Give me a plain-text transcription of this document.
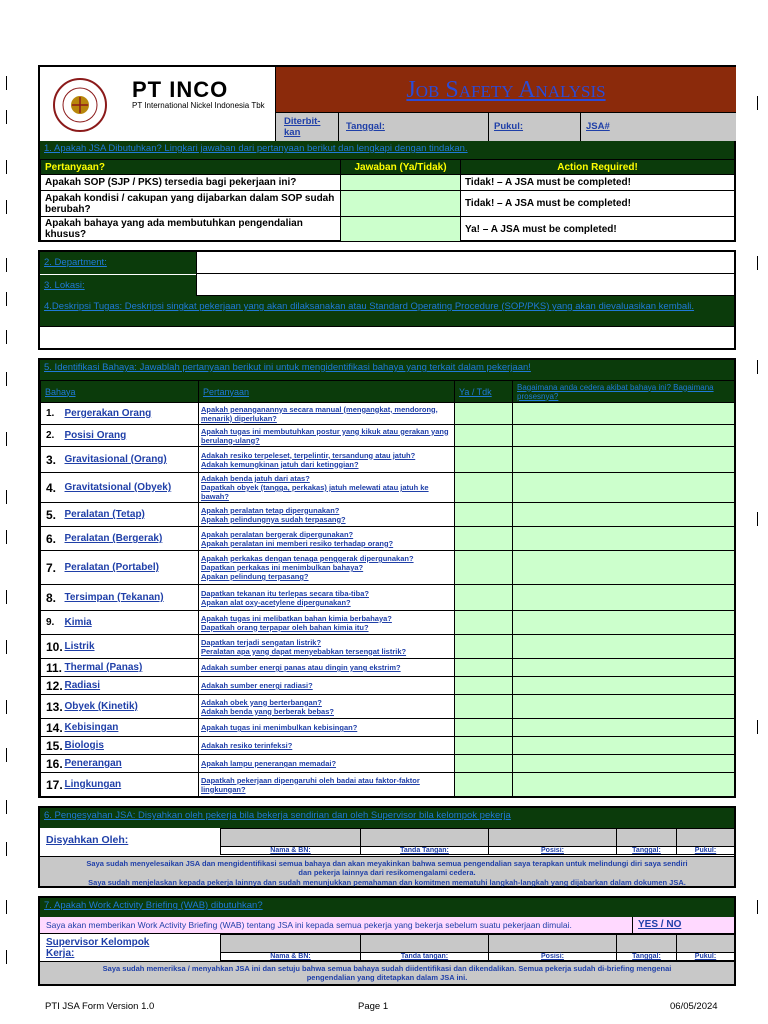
PT INCO
PT International Nickel Indonesia Tbk
Job Safety Analysis
Diterbit-kan
Tanggal:	Pukul:	JSA#
1. Apakah JSA Dibutuhkan? Lingkari jawaban dari pertanyaan berikut dan lengkapi dengan tindakan.
Pertanyaan?	Jawaban (Ya/Tidak)	Action Required!
Apakah SOP (SJP / PKS) tersedia bagi pekerjaan ini?		Tidak! – A JSA must be completed!
Apakah kondisi / cakupan yang dijabarkan dalam SOP sudah berubah?		Tidak! – A JSA must be completed!
Apakah bahaya yang ada membutuhkan pengendalian khusus?		Ya! – A JSA must be completed!
2. Department:
3. Lokasi:
4.Deskripsi Tugas: Deskripsi singkat pekerjaan yang akan dilaksanakan atau Standard Operating Procedure (SOP/PKS) yang akan dievaluasikan kembali.
5. Identifikasi Bahaya: Jawablah pertanyaan berikut ini untuk mengidentifikasi bahaya yang terkait dalam pekerjaan!
Bahaya		Pertanyaan	Ya / Tdk	Bagaimana anda cedera akibat bahaya ini? Bagaimana prosesnya?
1.	Pergerakan Orang	Apakah penanganannya secara manual (mengangkat, mendorong, menarik) diperlukan?		

2.	Posisi Orang	Apakah tugas ini membutuhkan postur yang kikuk atau gerakan yang berulang-ulang?		

3.	Gravitasional (Orang)	Adakah resiko terpeleset, terpelintir, tersandung atau jatuh?
Adakah kemungkinan jatuh dari ketinggian?		

4.	Gravitatsional (Obyek)	Adakah benda jatuh dari atas?
Dapatkah obyek (tangga, perkakas) jatuh melewati atau jatuh ke bawah?		

5.	Peralatan (Tetap)	Apakah peralatan tetap dipergunakan?
Apakah pelindungnya sudah terpasang?		

6.	Peralatan (Bergerak)	Apakah peralatan bergerak dipergunakan?
Apakah peralatan ini memberi resiko terhadap orang?		

7.	Peralatan (Portabel)	Apakah perkakas dengan tenaga penggerak dipergunakan?
Dapatkan perkakas ini menimbulkan bahaya?
Apakan pelindung terpasang?		

8.	Tersimpan (Tekanan)	Dapatkan tekanan itu terlepas secara tiba-tiba?
Apakan alat oxy-acetylene dipergunakan?		

9.	Kimia	Apakah tugas ini melibatkan bahan kimia berbahaya?
Dapatkah orang terpapar oleh bahan kimia itu?		

10.	Listrik	Dapatkan terjadi sengatan listrik?
Peralatan apa yang dapat menyebabkan tersengat listrik?		

11.	Thermal (Panas)	Adakah sumber energi panas atau dingin yang ekstrim?		

12.	Radiasi	Adakah sumber energi radiasi?		

13.	Obyek (Kinetik)	Adakah obek yang berterbangan?
Adakah benda yang berberak bebas?		

14.	Kebisingan	Apakah tugas ini menimbulkan kebisingan?		

15.	Biologis	Adakah resiko terinfeksi?		

16.	Penerangan	Apakah lampu penerangan memadai?		

17.	Lingkungan	Dapatkah pekerjaan dipengaruhi oleh badai atau faktor-faktor lingkungan?		

6. Pengesyahan JSA: Disyahkan oleh pekerja bila bekerja sendirian dan oleh Supervisor bila kelompok pekerja
Disyahkan Oleh:

Nama & BN:	Tanda Tangan:	Posisi:	Tanggal:	Pukul:
Saya sudah menyelesaikan JSA dan mengidentifikasi semua bahaya dan akan meyakinkan bahwa semua pengendalian saya terapkan untuk melindungi diri saya sendiri dan pekerja lainnya dari resikomengalami cedera.
Saya sudah menjelaskan kepada pekerja lainnya dan sudah menunjukkan pemahaman dan komitmen mematuhi langkah-langkah yang dijabarkan dalam dokumen JSA.
7. Apakah Work Activity Briefing (WAB) dibutuhkan?
Saya akan memberikan Work Activity Briefing (WAB) tentang JSA ini kepada semua pekerja yang bekerja sebelum suatu pekerjaan dimulai.	YES / NO
Supervisor Kelompok Kerja:
					Nama & BN:	Tanda tangan:	Posisi:	Tanggal:	Pukul:
Saya sudah memeriksa / menyahkan JSA ini dan setuju bahwa semua bahaya sudah diidentifikasi dan dikendalikan. Semua pekerja sudah di-briefing mengenai pengendalian yang ditetapkan dalam JSA ini.
PTI JSA Form Version 1.0	Page 1	06/05/2024
